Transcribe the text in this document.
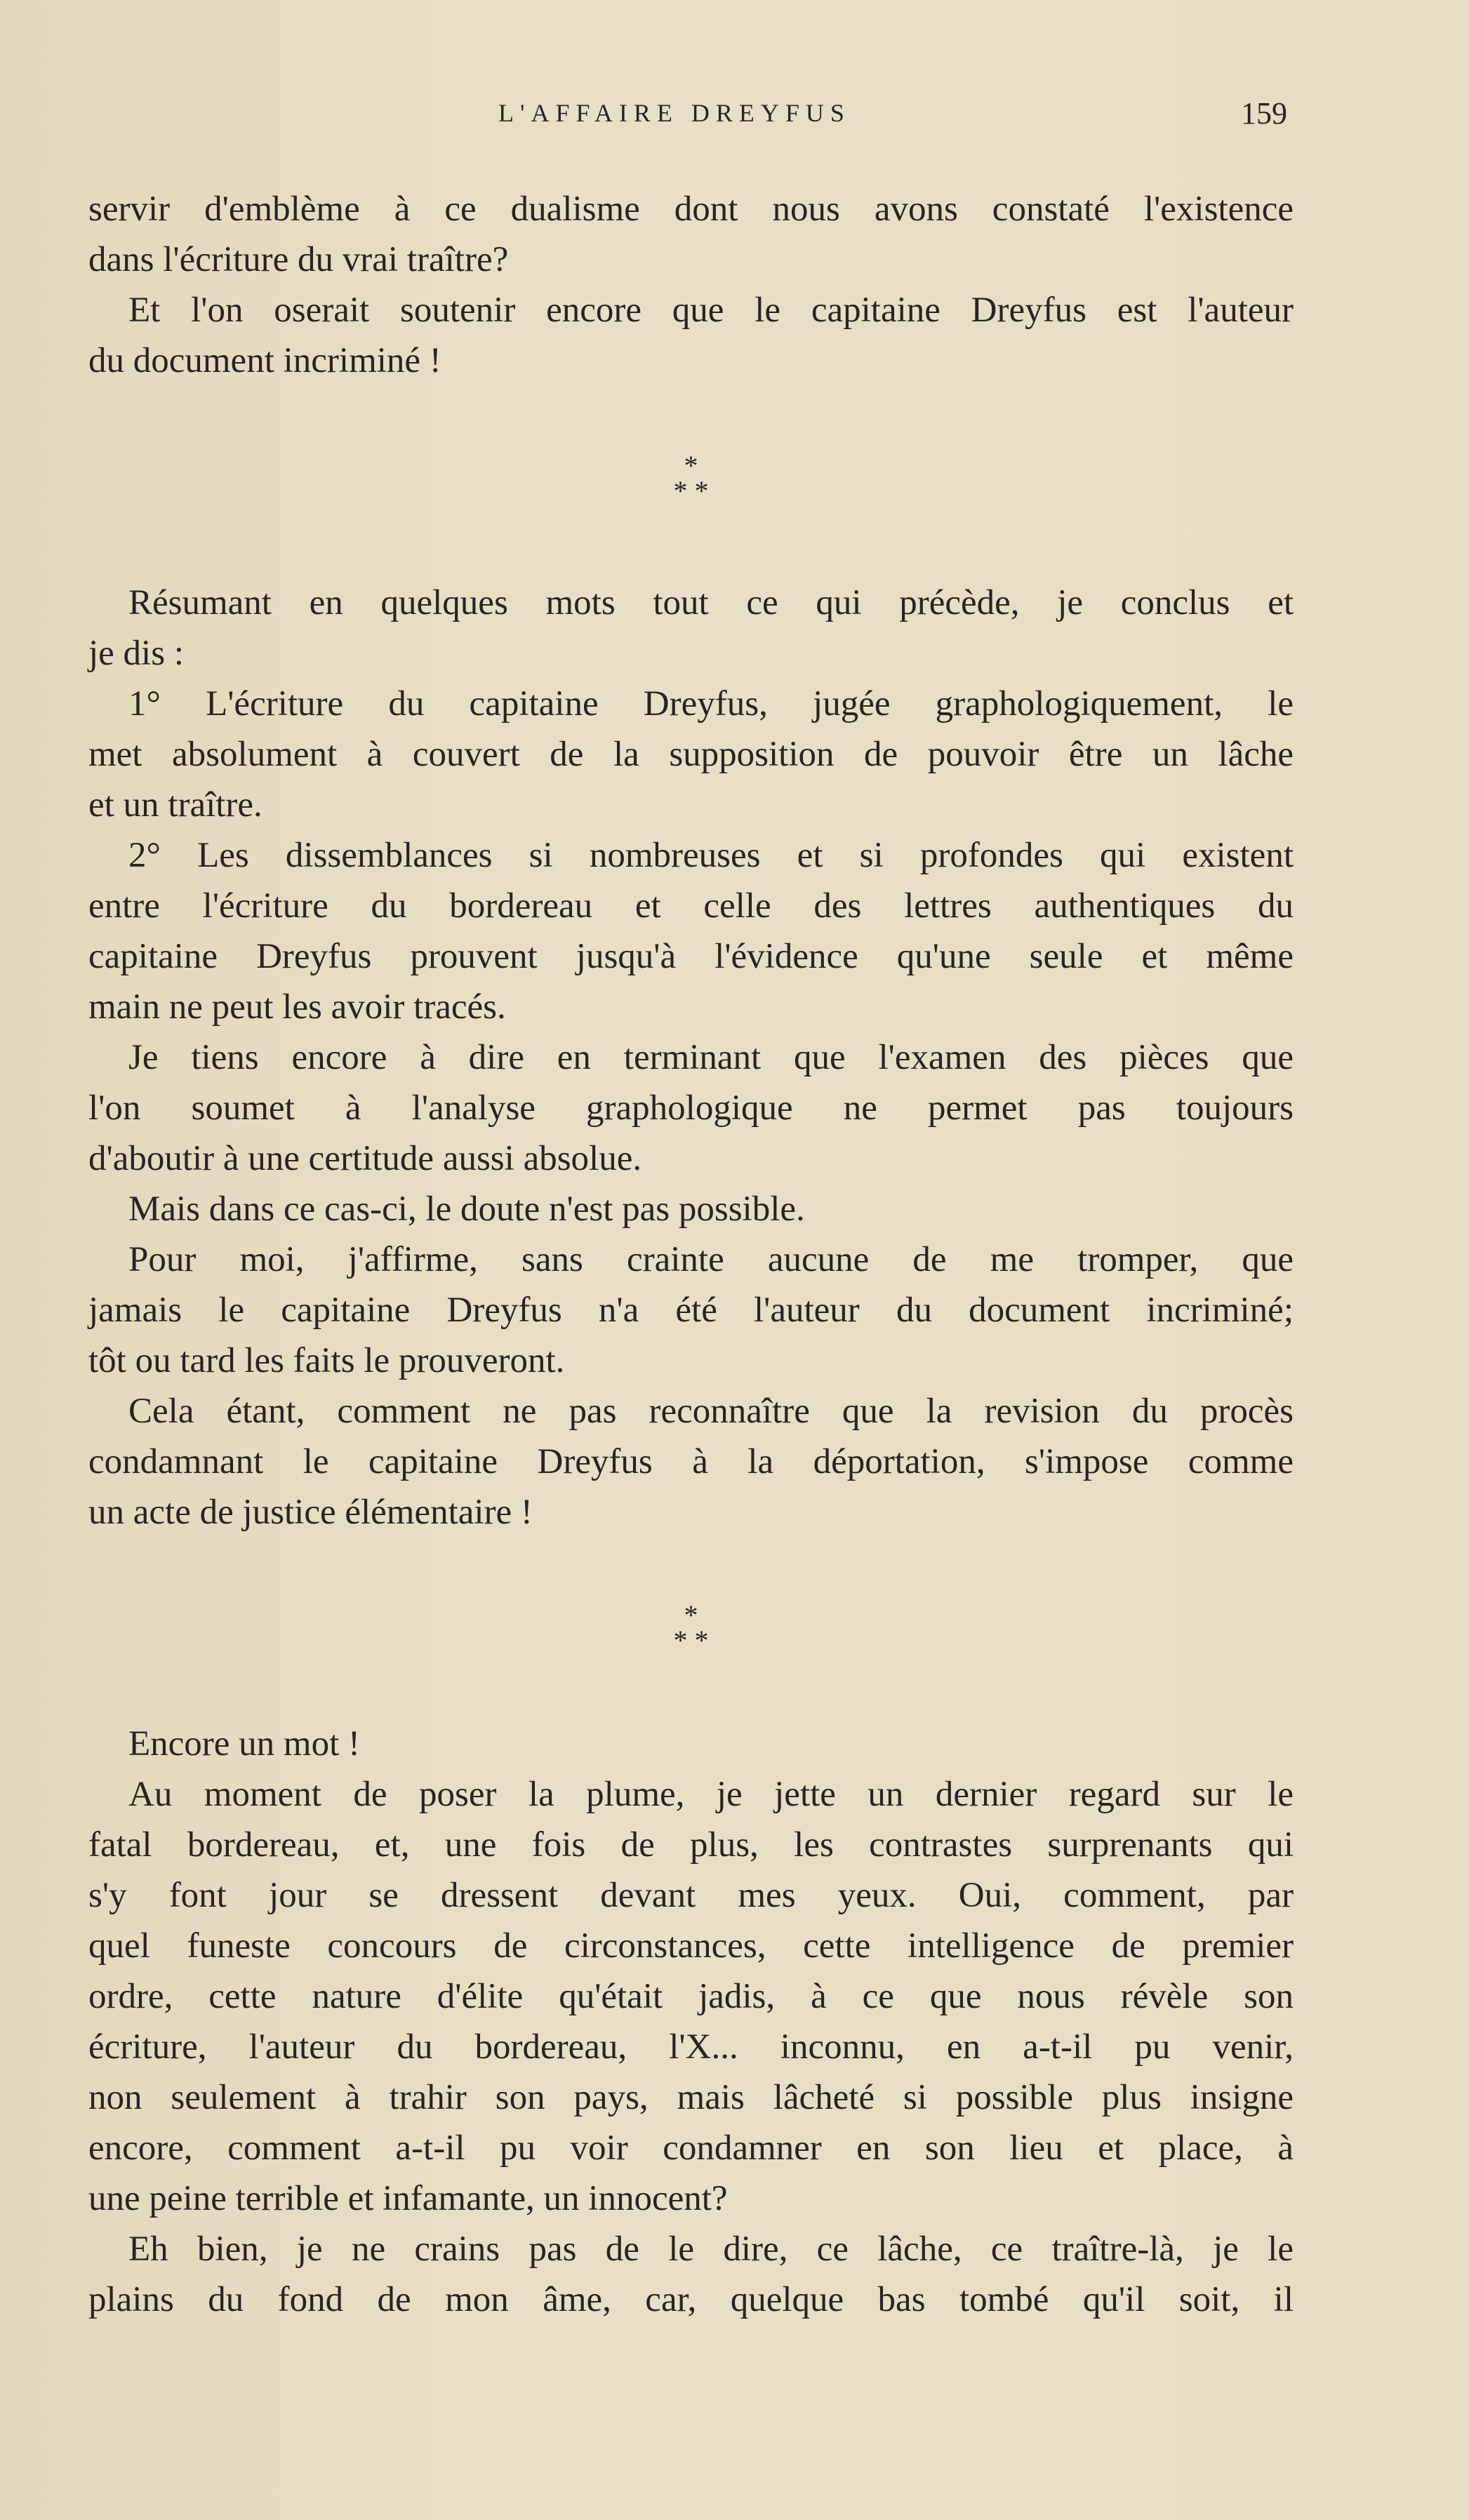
L'AFFAIRE DREYFUS	159
servir d'emblème à ce dualisme dont nous avons constaté l'existence
dans l'écriture du vrai traître?
Et l'on oserait soutenir encore que le capitaine Dreyfus est l'auteur
du document incriminé !
*
* *
Résumant en quelques mots tout ce qui précède, je conclus et
je dis :
1° L'écriture du capitaine Dreyfus, jugée graphologiquement, le
met absolument à couvert de la supposition de pouvoir être un lâche
et un traître.
2° Les dissemblances si nombreuses et si profondes qui existent
entre l'écriture du bordereau et celle des lettres authentiques du
capitaine Dreyfus prouvent jusqu'à l'évidence qu'une seule et même
main ne peut les avoir tracés.
Je tiens encore à dire en terminant que l'examen des pièces que
l'on soumet à l'analyse graphologique ne permet pas toujours
d'aboutir à une certitude aussi absolue.
Mais dans ce cas-ci, le doute n'est pas possible.
Pour moi, j'affirme, sans crainte aucune de me tromper, que
jamais le capitaine Dreyfus n'a été l'auteur du document incriminé;
tôt ou tard les faits le prouveront.
Cela étant, comment ne pas reconnaître que la revision du procès
condamnant le capitaine Dreyfus à la déportation, s'impose comme
un acte de justice élémentaire !
*
* *
Encore un mot !
Au moment de poser la plume, je jette un dernier regard sur le
fatal bordereau, et, une fois de plus, les contrastes surprenants qui
s'y font jour se dressent devant mes yeux. Oui, comment, par
quel funeste concours de circonstances, cette intelligence de premier
ordre, cette nature d'élite qu'était jadis, à ce que nous révèle son
écriture, l'auteur du bordereau, l'X... inconnu, en a-t-il pu venir,
non seulement à trahir son pays, mais lâcheté si possible plus insigne
encore, comment a-t-il pu voir condamner en son lieu et place, à
une peine terrible et infamante, un innocent?
Eh bien, je ne crains pas de le dire, ce lâche, ce traître-là, je le
plains du fond de mon âme, car, quelque bas tombé qu'il soit, il
